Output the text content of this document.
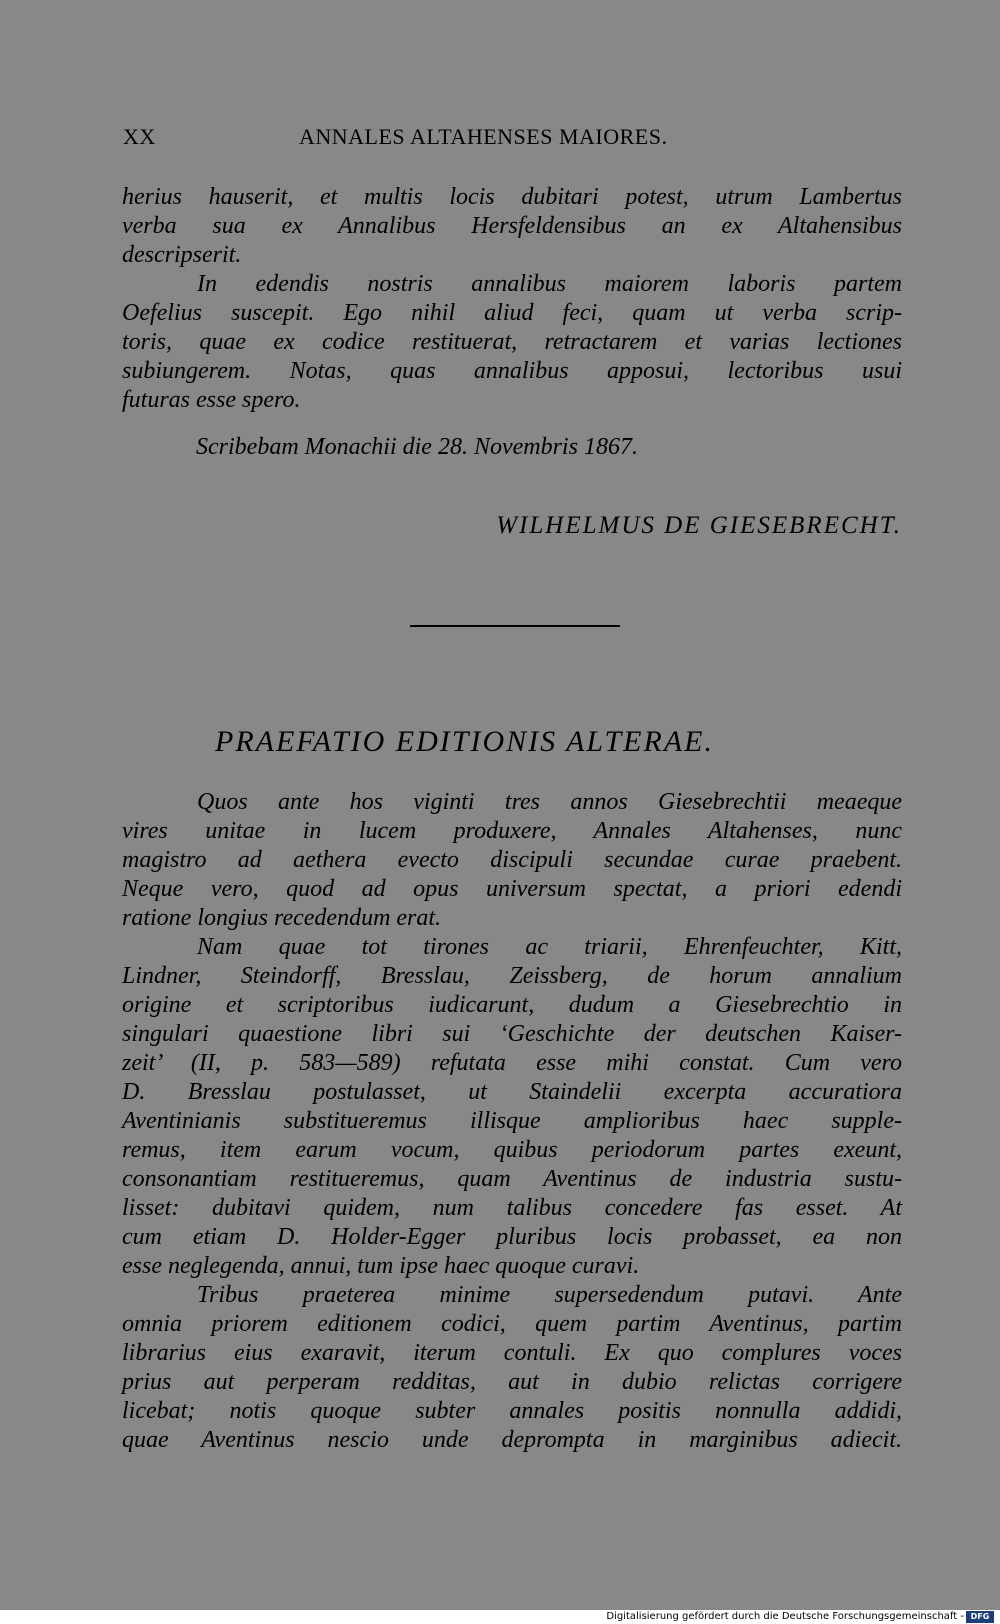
XX	ANNALES ALTAHENSES MAIORES.
herius hauserit, et multis locis dubitari potest, utrum Lambertus
verba sua ex Annalibus Hersfeldensibus an ex Altahensibus
descripserit.
In edendis nostris annalibus maiorem laboris partem
Oefelius suscepit. Ego nihil aliud feci, quam ut verba scrip-
toris, quae ex codice restituerat, retractarem et varias lectiones
subiungerem. Notas, quas annalibus apposui, lectoribus usui
futuras esse spero.
Scribebam Monachii die 28. Novembris 1867.
WILHELMUS DE GIESEBRECHT.
PRAEFATIO EDITIONIS ALTERAE.
Quos ante hos viginti tres annos Giesebrechtii meaeque
vires unitae in lucem produxere, Annales Altahenses, nunc
magistro ad aethera evecto discipuli secundae curae praebent.
Neque vero, quod ad opus universum spectat, a priori edendi
ratione longius recedendum erat.
Nam quae tot tirones ac triarii, Ehrenfeuchter, Kitt,
Lindner, Steindorff, Bresslau, Zeissberg, de horum annalium
origine et scriptoribus iudicarunt, dudum a Giesebrechtio in
singulari quaestione libri sui ‘Geschichte der deutschen Kaiser-
zeit’ (II, p. 583—589) refutata esse mihi constat. Cum vero
D. Bresslau postulasset, ut Staindelii excerpta accuratiora
Aventinianis substitueremus illisque amplioribus haec supple-
remus, item earum vocum, quibus periodorum partes exeunt,
consonantiam restitueremus, quam Aventinus de industria sustu-
lisset: dubitavi quidem, num talibus concedere fas esset. At
cum etiam D. Holder-Egger pluribus locis probasset, ea non
esse neglegenda, annui, tum ipse haec quoque curavi.
Tribus praeterea minime supersedendum putavi. Ante
omnia priorem editionem codici, quem partim Aventinus, partim
librarius eius exaravit, iterum contuli. Ex quo complures voces
prius aut perperam redditas, aut in dubio relictas corrigere
licebat; notis quoque subter annales positis nonnulla addidi,
quae Aventinus nescio unde deprompta in marginibus adiecit.
Digitalisierung gefördert durch die Deutsche Forschungsgemeinschaft - DFG
